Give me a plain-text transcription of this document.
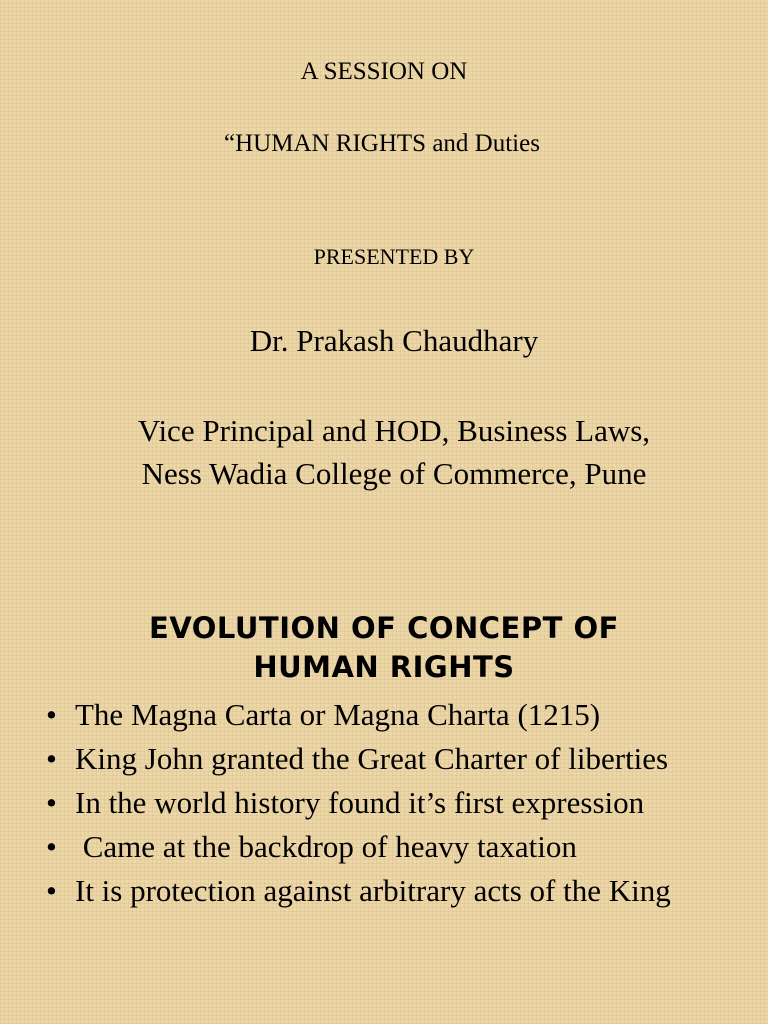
A SESSION ON
“HUMAN RIGHTS and Duties
PRESENTED BY
Dr. Prakash Chaudhary
Vice Principal and HOD, Business Laws,
Ness Wadia College of Commerce, Pune
EVOLUTION OF CONCEPT OF
HUMAN RIGHTS
• The Magna Carta or Magna Charta (1215)
• King John granted the Great Charter of liberties
• In the world history found it’s first expression
• Came at the backdrop of heavy taxation
• It is protection against arbitrary acts of the King
